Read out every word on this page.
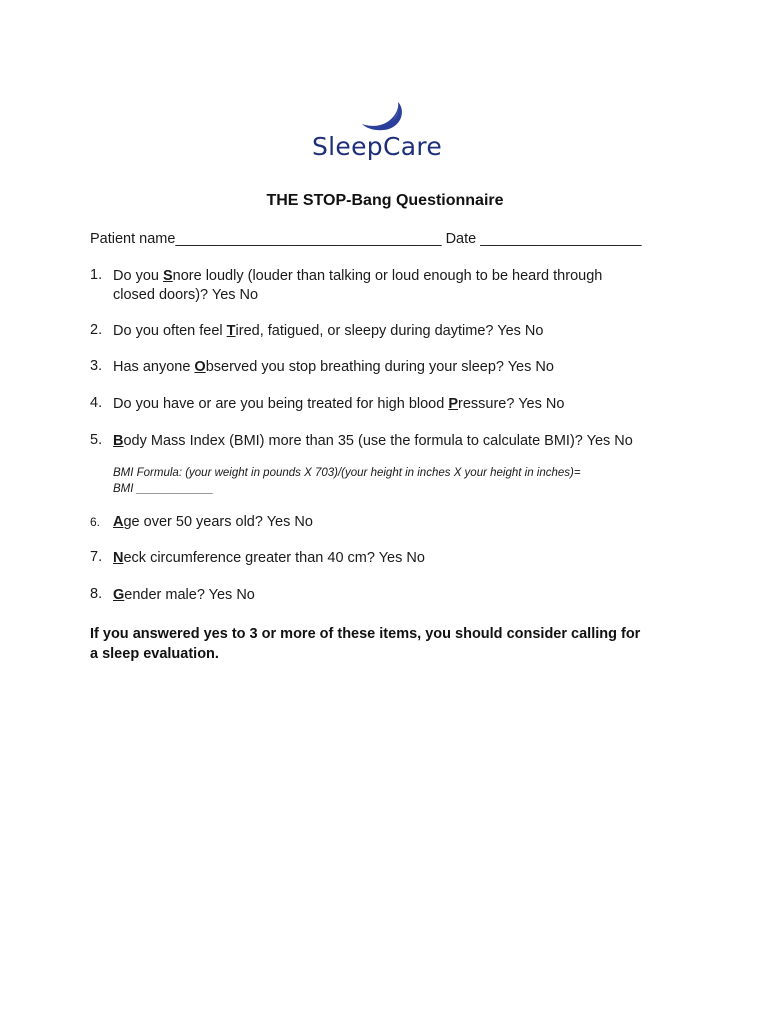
SleepCare
THE STOP-Bang Questionnaire
Patient name_________________________________ Date ____________________
1. Do you Snore loudly (louder than talking or loud enough to be heard through
closed doors)? Yes No
2. Do you often feel Tired, fatigued, or sleepy during daytime? Yes No
3. Has anyone Observed you stop breathing during your sleep? Yes No
4. Do you have or are you being treated for high blood Pressure? Yes No
5. Body Mass Index (BMI) more than 35 (use the formula to calculate BMI)? Yes No
BMI Formula: (your weight in pounds X 703)/(your height in inches X your height in inches)=
BMI ____________
6. Age over 50 years old? Yes No
7. Neck circumference greater than 40 cm? Yes No
8. Gender male? Yes No
If you answered yes to 3 or more of these items, you should consider calling for
a sleep evaluation.
